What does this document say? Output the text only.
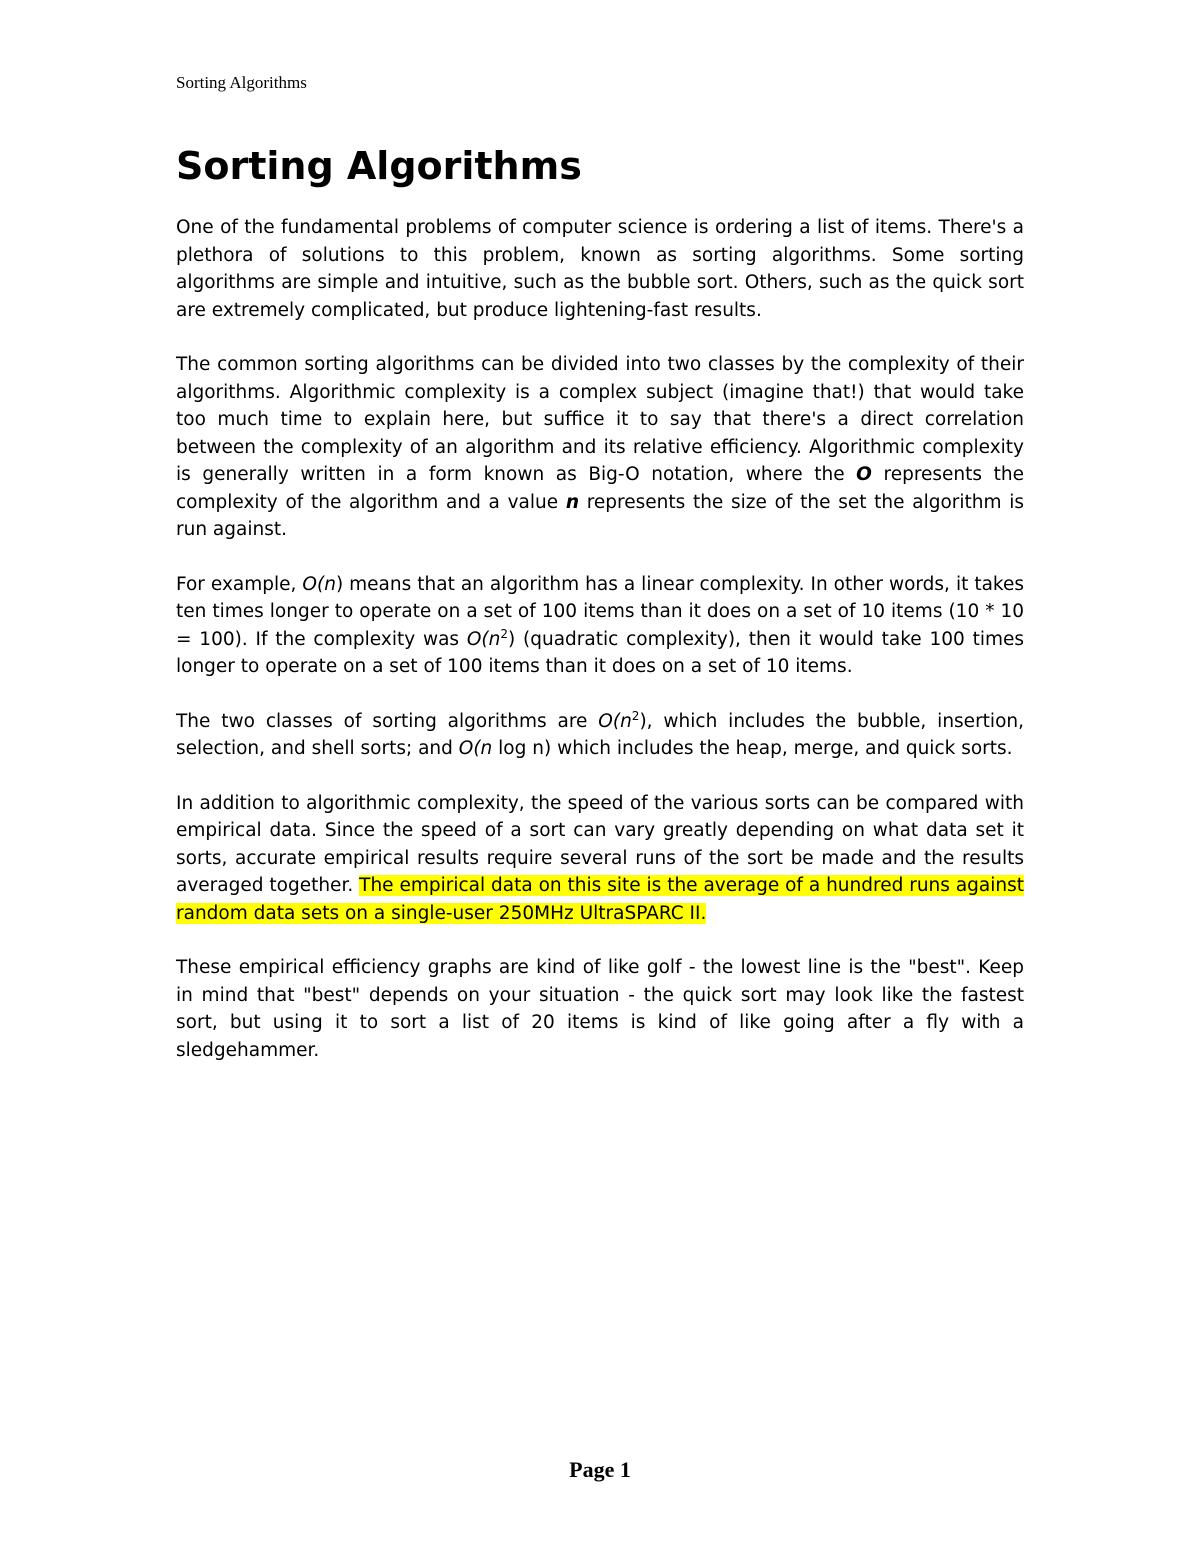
Sorting Algorithms
Sorting Algorithms

One of the fundamental problems of computer science is ordering a list of items. There's a plethora of solutions to this problem, known as sorting algorithms. Some sorting algorithms are simple and intuitive, such as the bubble sort. Others, such as the quick sort are extremely complicated, but produce lightening-fast results.

The common sorting algorithms can be divided into two classes by the complexity of their algorithms. Algorithmic complexity is a complex subject (imagine that!) that would take too much time to explain here, but suffice it to say that there's a direct correlation between the complexity of an algorithm and its relative efficiency. Algorithmic complexity is generally written in a form known as Big-O notation, where the O represents the complexity of the algorithm and a value n represents the size of the set the algorithm is run against.

For example, O(n) means that an algorithm has a linear complexity. In other words, it takes ten times longer to operate on a set of 100 items than it does on a set of 10 items (10 * 10 = 100). If the complexity was $O(n^2)$ (quadratic complexity), then it would take 100 times longer to operate on a set of 100 items than it does on a set of 10 items.

The two classes of sorting algorithms are $O(n^2)$, which includes the bubble, insertion, selection, and shell sorts; and O(n log n) which includes the heap, merge, and quick sorts.

In addition to algorithmic complexity, the speed of the various sorts can be compared with empirical data. Since the speed of a sort can vary greatly depending on what data set it sorts, accurate empirical results require several runs of the sort be made and the results averaged together. The empirical data on this site is the average of a hundred runs against random data sets on a single-user 250MHz UltraSPARC II.

These empirical efficiency graphs are kind of like golf - the lowest line is the "best". Keep in mind that "best" depends on your situation - the quick sort may look like the fastest sort, but using it to sort a list of 20 items is kind of like going after a fly with a sledgehammer.

Page 1
